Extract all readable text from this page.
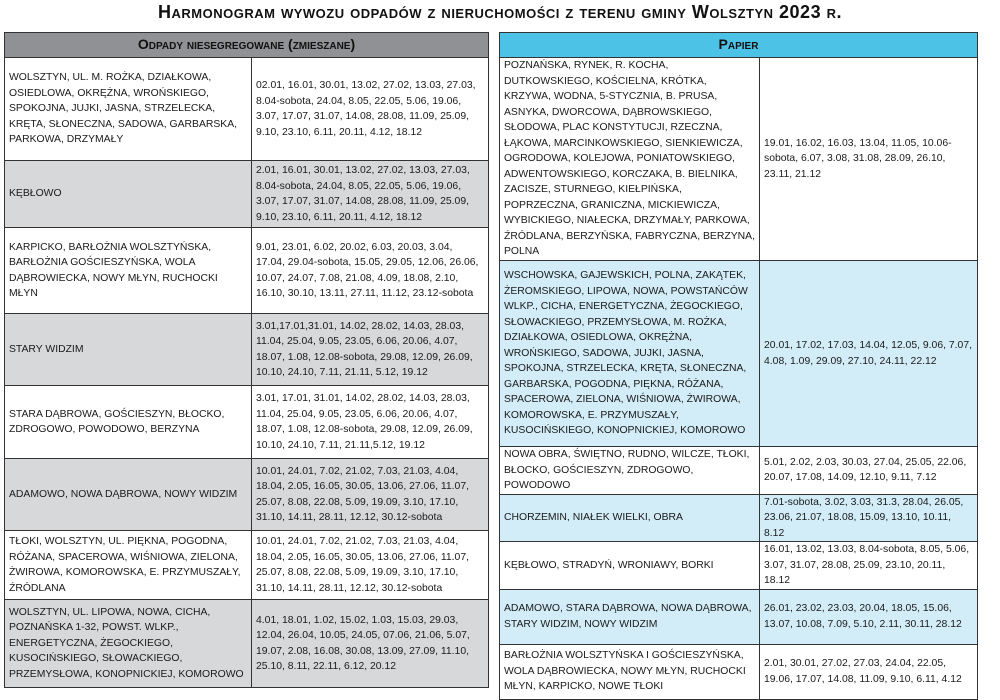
Harmonogram wywozu odpadów z nieruchomości z terenu gminy Wolsztyn 2023 r.
Odpady niesegregowane (zmieszane)	
WOLSZTYN, UL. M. ROŻKA, DZIAŁKOWA, OSIEDLOWA, OKRĘŻNA, WROŃSKIEGO, SPOKOJNA, JUJKI, JASNA, STRZELECKA, KRĘTA, SŁONECZNA, SADOWA, GARBARSKA, PARKOWA, DRZYMAŁY	02.01, 16.01, 30.01, 13.02, 27.02, 13.03, 27.03, 8.04-sobota, 24.04, 8.05, 22.05, 5.06, 19.06, 3.07, 17.07, 31.07, 14.08, 28.08, 11.09, 25.09, 9.10, 23.10, 6.11, 20.11, 4.12, 18.12
KĘBŁOWO	2.01, 16.01, 30.01, 13.02, 27.02, 13.03, 27.03, 8.04-sobota, 24.04, 8.05, 22.05, 5.06, 19.06, 3.07, 17.07, 31.07, 14.08, 28.08, 11.09, 25.09, 9.10, 23.10, 6.11, 20.11, 4.12, 18.12
KARPICKO, BARŁOŻNIA WOLSZTYŃSKA, BARŁOŻNIA GOŚCIESZYŃSKA, WOLA DĄBROWIECKA, NOWY MŁYN, RUCHOCKI MŁYN	9.01, 23.01, 6.02, 20.02, 6.03, 20.03, 3.04, 17.04, 29.04-sobota, 15.05, 29.05, 12.06, 26.06, 10.07, 24.07, 7.08, 21.08, 4.09, 18.08, 2.10, 16.10, 30.10, 13.11, 27.11, 11.12, 23.12-sobota
STARY WIDZIM	3.01,17.01,31.01, 14.02, 28.02, 14.03, 28.03, 11.04, 25.04, 9.05, 23.05, 6.06, 20.06, 4.07, 18.07, 1.08, 12.08-sobota, 29.08, 12.09, 26.09, 10.10, 24.10, 7.11, 21.11, 5.12, 19.12
STARA DĄBROWA, GOŚCIESZYN, BŁOCKO, ZDROGOWO, POWODOWO, BERZYNA	3.01, 17.01, 31.01, 14.02, 28.02, 14.03, 28.03, 11.04, 25.04, 9.05, 23.05, 6.06, 20.06, 4.07, 18.07, 1.08, 12.08-sobota, 29.08, 12.09, 26.09, 10.10, 24.10, 7.11, 21.11,5.12, 19.12
ADAMOWO, NOWA DĄBROWA, NOWY WIDZIM	10.01, 24.01, 7.02, 21.02, 7.03, 21.03, 4.04, 18.04, 2.05, 16.05, 30.05, 13.06, 27.06, 11.07, 25.07, 8.08, 22.08, 5.09, 19.09, 3.10, 17.10, 31.10, 14.11, 28.11, 12.12, 30.12-sobota
TŁOKI, WOLSZTYN, UL. PIĘKNA, POGODNA, RÓŻANA, SPACEROWA, WIŚNIOWA, ZIELONA, ŻWIROWA, KOMOROWSKA, E. PRZYMUSZAŁY, ŹRÓDLANA	10.01, 24.01, 7.02, 21.02, 7.03, 21.03, 4.04, 18.04, 2.05, 16.05, 30.05, 13.06, 27.06, 11.07, 25.07, 8.08, 22.08, 5.09, 19.09, 3.10, 17.10, 31.10, 14.11, 28.11, 12.12, 30.12-sobota
WOLSZTYN, UL. LIPOWA, NOWA, CICHA, POZNAŃSKA 1-32, POWST. WLKP., ENERGETYCZNA, ŻEGOCKIEGO, KUSOCIŃSKIEGO, SŁOWACKIEGO, PRZEMYSŁOWA, KONOPNICKIEJ, KOMOROWO	4.01, 18.01, 1.02, 15.02, 1.03, 15.03, 29.03, 12.04, 26.04, 10.05, 24.05, 07.06, 21.06, 5.07, 19.07, 2.08, 16.08, 30.08, 13.09, 27.09, 11.10, 25.10, 8.11, 22.11, 6.12, 20.12
Papier	
POZNAŃSKA, RYNEK, R. KOCHA, DUTKOWSKIEGO, KOŚCIELNA, KRÓTKA, KRZYWA, WODNA, 5-STYCZNIA, B. PRUSA, ASNYKA, DWORCOWA, DĄBROWSKIEGO, SŁODOWA, PLAC KONSTYTUCJI, RZECZNA, ŁĄKOWA, MARCINKOWSKIEGO, SIENKIEWICZA, OGRODOWA, KOLEJOWA, PONIATOWSKIEGO, ADWENTOWSKIEGO, KORCZAKA, B. BIELNIKA, ZACISZE, STURNEGO, KIEŁPIŃSKA, POPRZECZNA, GRANICZNA, MICKIEWICZA, WYBICKIEGO, NIAŁECKA, DRZYMAŁY, PARKOWA, ŹRÓDLANA, BERZYŃSKA, FABRYCZNA, BERZYNA, POLNA	19.01, 16.02, 16.03, 13.04, 11.05, 10.06-sobota, 6.07, 3.08, 31.08, 28.09, 26.10, 23.11, 21.12
WSCHOWSKA, GAJEWSKICH, POLNA, ZAKĄTEK, ŻEROMSKIEGO, LIPOWA, NOWA, POWSTAŃCÓW WLKP., CICHA, ENERGETYCZNA, ŻEGOCKIEGO, SŁOWACKIEGO, PRZEMYSŁOWA, M. ROŻKA, DZIAŁKOWA, OSIEDLOWA, OKRĘŻNA, WROŃSKIEGO, SADOWA, JUJKI, JASNA, SPOKOJNA, STRZELECKA, KRĘTA, SŁONECZNA, GARBARSKA, POGODNA, PIĘKNA, RÓŻANA, SPACEROWA, ZIELONA, WIŚNIOWA, ŻWIROWA, KOMOROWSKA, E. PRZYMUSZAŁY, KUSOCIŃSKIEGO, KONOPNICKIEJ, KOMOROWO	20.01, 17.02, 17.03, 14.04, 12.05, 9.06, 7.07, 4.08, 1.09, 29.09, 27.10, 24.11, 22.12
NOWA OBRA, ŚWIĘTNO, RUDNO, WILCZE, TŁOKI, BŁOCKO, GOŚCIESZYN, ZDROGOWO, POWODOWO	5.01, 2.02, 2.03, 30.03, 27.04, 25.05, 22.06, 20.07, 17.08, 14.09, 12.10, 9.11, 7.12
CHORZEMIN, NIAŁEK WIELKI, OBRA	7.01-sobota, 3.02, 3.03, 31.3, 28.04, 26.05, 23.06, 21.07, 18.08, 15.09, 13.10, 10.11, 8.12
KĘBŁOWO, STRADYŃ, WRONIAWY, BORKI	16.01, 13.02, 13.03, 8.04-sobota, 8.05, 5.06, 3.07, 31.07, 28.08, 25.09, 23.10, 20.11, 18.12
ADAMOWO, STARA DĄBROWA, NOWA DĄBROWA, STARY WIDZIM, NOWY WIDZIM	26.01, 23.02, 23.03, 20.04, 18.05, 15.06, 13.07, 10.08, 7.09, 5.10, 2.11, 30.11, 28.12
BARŁOŻNIA WOLSZTYŃSKA I GOŚCIESZYŃSKA, WOLA DĄBROWIECKA, NOWY MŁYN, RUCHOCKI MŁYN, KARPICKO, NOWE TŁOKI	2.01, 30.01, 27.02, 27.03, 24.04, 22.05, 19.06, 17.07, 14.08, 11.09, 9.10, 6.11, 4.12
